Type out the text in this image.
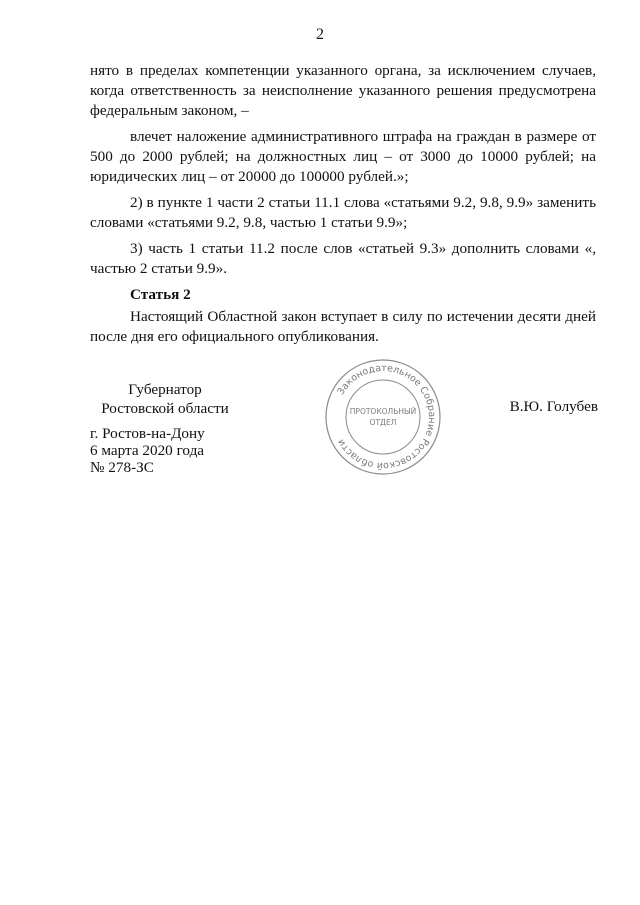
2

нято в пределах компетенции указанного органа, за исключением случаев, когда ответственность за неисполнение указанного решения предусмотрена федеральным законом, –

влечет наложение административного штрафа на граждан в размере от 500 до 2000 рублей; на должностных лиц – от 3000 до 10000 рублей; на юридических лиц – от 20000 до 100000 рублей.»;

2) в пункте 1 части 2 статьи 11.1 слова «статьями 9.2, 9.8, 9.9» заменить словами «статьями 9.2, 9.8, частью 1 статьи 9.9»;

3) часть 1 статьи 11.2 после слов «статьей 9.3» дополнить словами «, частью 2 статьи 9.9».

Статья 2

Настоящий Областной закон вступает в силу по истечении десяти дней после дня его официального опубликования.

Губернатор
Ростовской области
Законодательное Собрание Ростовской области
ПРОТОКОЛЬНЫЙ
ОТДЕЛ
В.Ю. Голубев
г. Ростов-на-Дону
6 марта 2020 года
№ 278-ЗС
